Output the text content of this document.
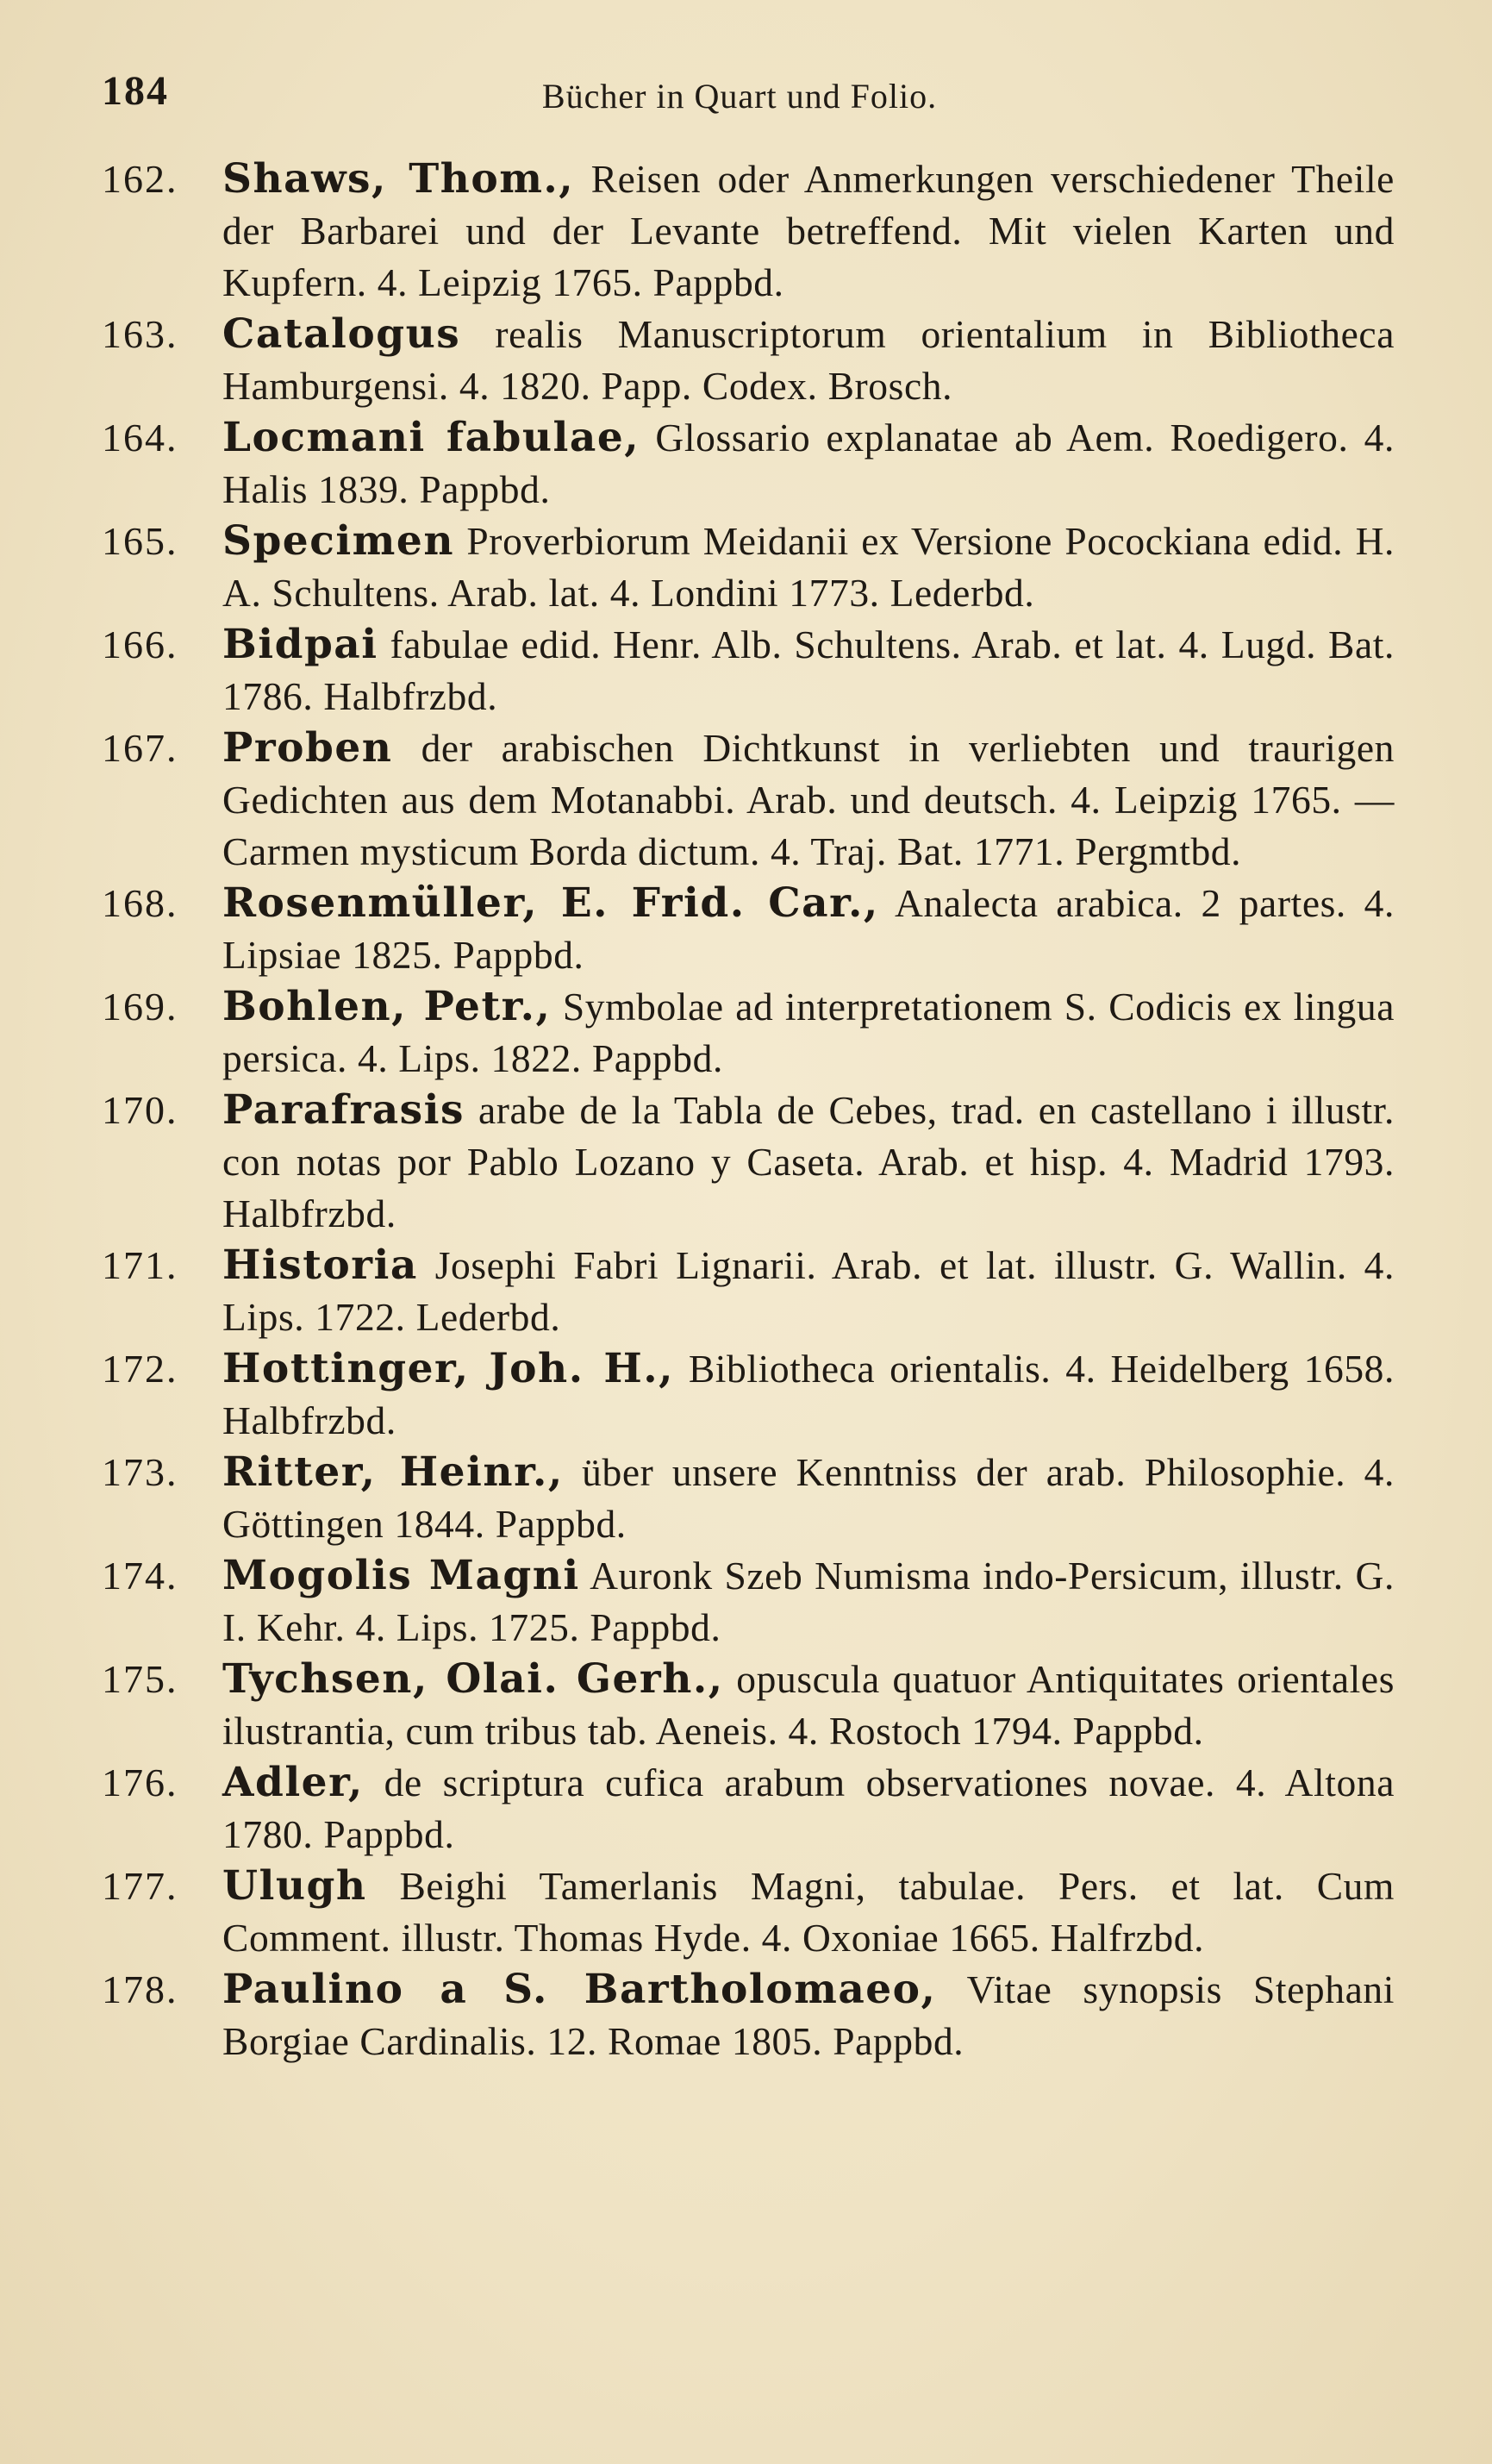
184	Bücher in Quart und Folio.
162.	Shaws, Thom., Reisen oder Anmerkungen verschiedener Theile der Barbarei und der Levante betreffend. Mit vielen Karten und Kupfern. 4. Leipzig 1765. Pappbd.
163.	Catalogus realis Manuscriptorum orientalium in Bibliotheca Hamburgensi. 4. 1820. Papp. Codex. Brosch.
164.	Locmani fabulae, Glossario explanatae ab Aem. Roedigero. 4. Halis 1839. Pappbd.
165.	Specimen Proverbiorum Meidanii ex Versione Pocockiana edid. H. A. Schultens. Arab. lat. 4. Londini 1773. Lederbd.
166.	Bidpai fabulae edid. Henr. Alb. Schultens. Arab. et lat. 4. Lugd. Bat. 1786. Halbfrzbd.
167.	Proben der arabischen Dichtkunst in verliebten und traurigen Gedichten aus dem Motanabbi. Arab. und deutsch. 4. Leipzig 1765. — Carmen mysticum Borda dictum. 4. Traj. Bat. 1771. Pergmtbd.
168.	Rosenmüller, E. Frid. Car., Analecta arabica. 2 partes. 4. Lipsiae 1825. Pappbd.
169.	Bohlen, Petr., Symbolae ad interpretationem S. Codicis ex lingua persica. 4. Lips. 1822. Pappbd.
170.	Parafrasis arabe de la Tabla de Cebes, trad. en castellano i illustr. con notas por Pablo Lozano y Caseta. Arab. et hisp. 4. Madrid 1793. Halbfrzbd.
171.	Historia Josephi Fabri Lignarii. Arab. et lat. illustr. G. Wallin. 4. Lips. 1722. Lederbd.
172.	Hottinger, Joh. H., Bibliotheca orientalis. 4. Heidelberg 1658. Halbfrzbd.
173.	Ritter, Heinr., über unsere Kenntniss der arab. Philosophie. 4. Göttingen 1844. Pappbd.
174.	Mogolis Magni Auronk Szeb Numisma indo-Persicum, illustr. G. I. Kehr. 4. Lips. 1725. Pappbd.
175.	Tychsen, Olai. Gerh., opuscula quatuor Antiquitates orientales ilustrantia, cum tribus tab. Aeneis. 4. Rostoch 1794. Pappbd.
176.	Adler, de scriptura cufica arabum observationes novae. 4. Altona 1780. Pappbd.
177.	Ulugh Beighi Tamerlanis Magni, tabulae. Pers. et lat. Cum Comment. illustr. Thomas Hyde. 4. Oxoniae 1665. Halfrzbd.
178.	Paulino a S. Bartholomaeo, Vitae synopsis Stephani Borgiae Cardinalis. 12. Romae 1805. Pappbd.
